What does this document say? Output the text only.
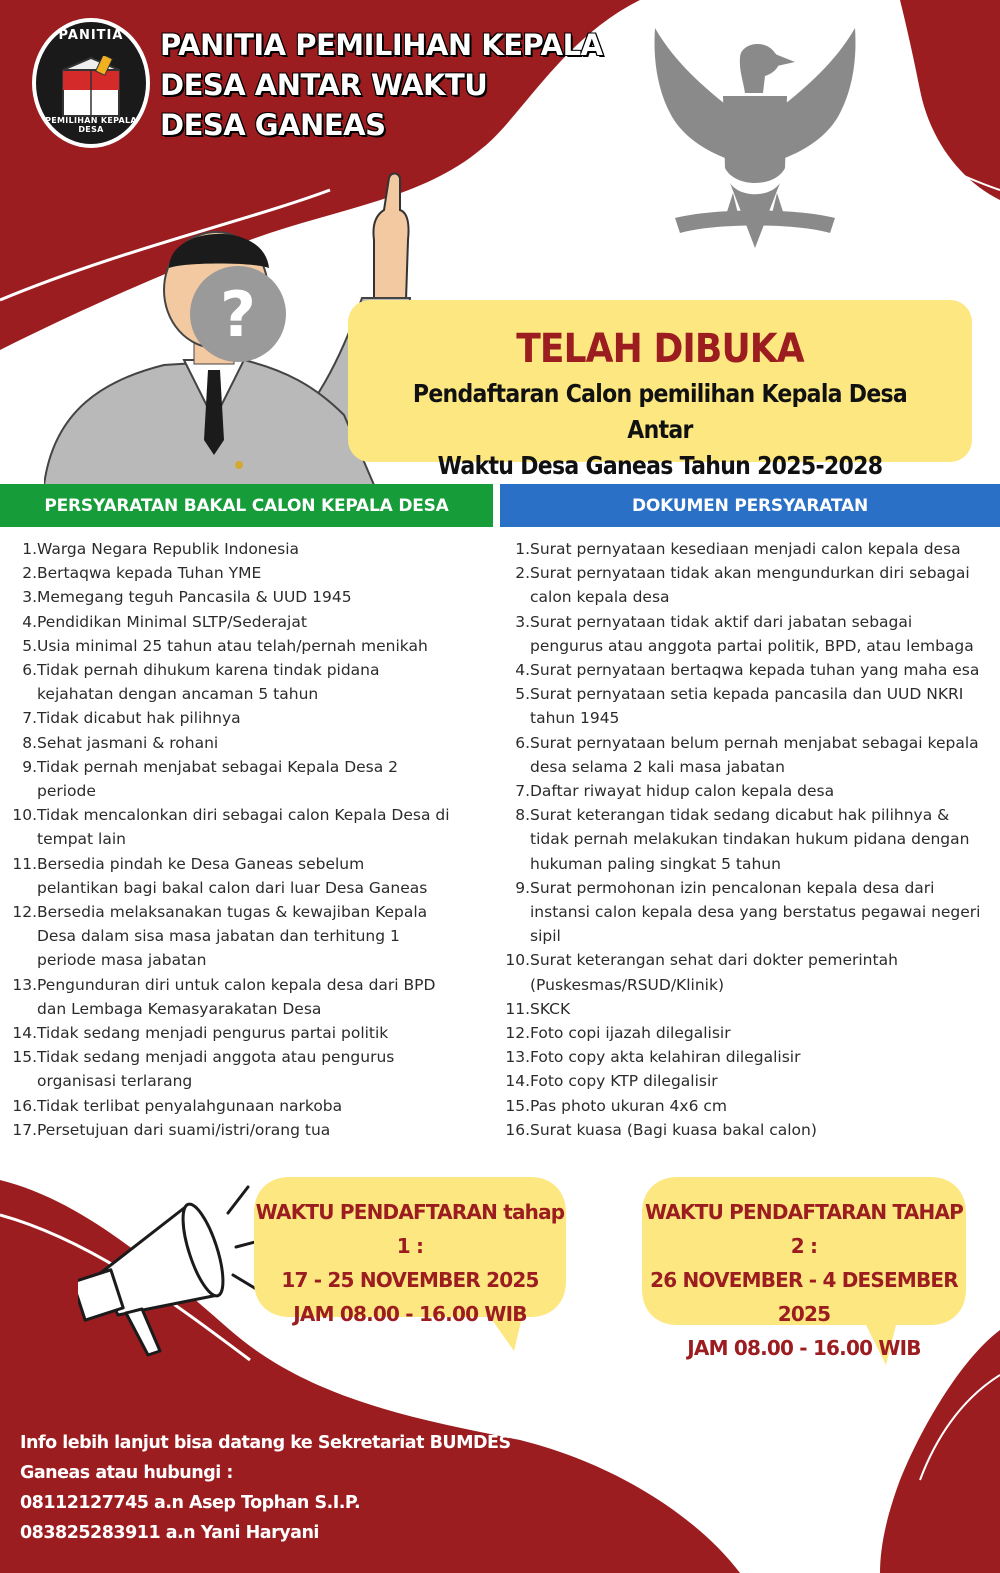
PANITIA
PEMILIHAN KEPALA DESA
PANITIA PEMILIHAN KEPALA
DESA ANTAR WAKTU
DESA GANEAS
?	TELAH DIBUKA
Pendaftaran Calon pemilihan Kepala Desa Antar
Waktu Desa Ganeas Tahun 2025-2028
PERSYARATAN BAKAL CALON KEPALA DESA	DOKUMEN PERSYARATAN
1. Warga Negara Republik Indonesia
2. Bertaqwa kepada Tuhan YME
3. Memegang teguh Pancasila & UUD 1945
4. Pendidikan Minimal SLTP/Sederajat
5. Usia minimal 25 tahun atau telah/pernah menikah
6. Tidak pernah dihukum karena tindak pidana
kejahatan dengan ancaman 5 tahun
7. Tidak dicabut hak pilihnya
8. Sehat jasmani & rohani
9. Tidak pernah menjabat sebagai Kepala Desa 2
periode
10. Tidak mencalonkan diri sebagai calon Kepala Desa di
tempat lain
11. Bersedia pindah ke Desa Ganeas sebelum
pelantikan bagi bakal calon dari luar Desa Ganeas
12. Bersedia melaksanakan tugas & kewajiban Kepala
Desa dalam sisa masa jabatan dan terhitung 1
periode masa jabatan
13. Pengunduran diri untuk calon kepala desa dari BPD
dan Lembaga Kemasyarakatan Desa
14. Tidak sedang menjadi pengurus partai politik
15. Tidak sedang menjadi anggota atau pengurus
organisasi terlarang
16. Tidak terlibat penyalahgunaan narkoba
17. Persetujuan dari suami/istri/orang tua
1. Surat pernyataan kesediaan menjadi calon kepala desa
2. Surat pernyataan tidak akan mengundurkan diri sebagai
calon kepala desa
3. Surat pernyataan tidak aktif dari jabatan sebagai
pengurus atau anggota partai politik, BPD, atau lembaga
4. Surat pernyataan bertaqwa kepada tuhan yang maha esa
5. Surat pernyataan setia kepada pancasila dan UUD NKRI
tahun 1945
6. Surat pernyataan belum pernah menjabat sebagai kepala
desa selama 2 kali masa jabatan
7. Daftar riwayat hidup calon kepala desa
8. Surat keterangan tidak sedang dicabut hak pilihnya &
tidak pernah melakukan tindakan hukum pidana dengan
hukuman paling singkat 5 tahun
9. Surat permohonan izin pencalonan kepala desa dari
instansi calon kepala desa yang berstatus pegawai negeri
sipil
10. Surat keterangan sehat dari dokter pemerintah
(Puskesmas/RSUD/Klinik)
11. SKCK
12. Foto copi ijazah dilegalisir
13. Foto copy akta kelahiran dilegalisir
14. Foto copy KTP dilegalisir
15. Pas photo ukuran 4x6 cm
16. Surat kuasa (Bagi kuasa bakal calon)
WAKTU PENDAFTARAN tahap 1 :
17 - 25 NOVEMBER 2025
JAM 08.00 - 16.00 WIB
WAKTU PENDAFTARAN TAHAP 2 :
26 NOVEMBER - 4 DESEMBER 2025
JAM 08.00 - 16.00 WIB
Info lebih lanjut bisa datang ke Sekretariat BUMDES
Ganeas atau hubungi :
08112127745 a.n Asep Tophan S.I.P.
083825283911 a.n Yani Haryani
